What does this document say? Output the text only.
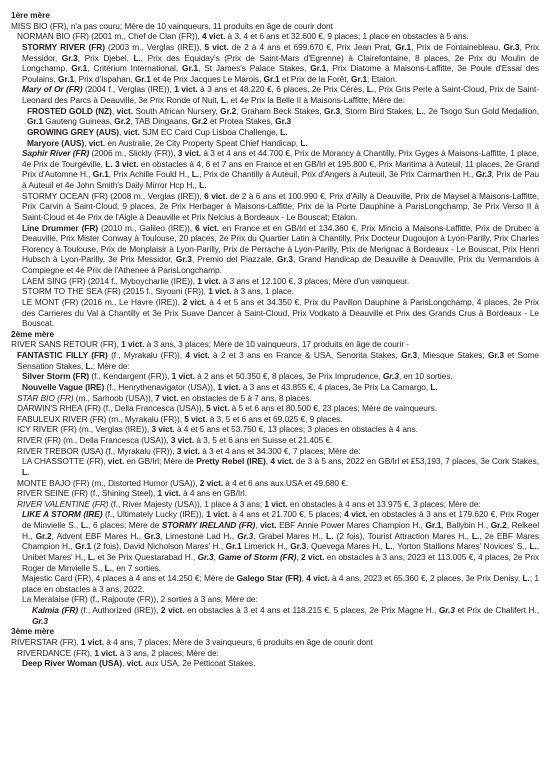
1ère mère
MISS BIO (FR), n'a pas couru; Mère de 10 vainqueurs, 11 produits en âge de courir dont
NORMAN BIO (FR) (2001 m., Chef de Clan (FR)), 4 vict. à 3, 4 et 6 ans et 32.600 €, 9 places; 1 place en obstacles à 5 ans.
STORMY RIVER (FR) (2003 m., Verglas (IRE)), 5 vict. de 2 à 4 ans et 699.670 €, Prix Jean Prat, Gr.1, Prix de Fontainebleau, Gr.3, Prix Messidor, Gr.3, Prix Djebel, L., Prix des Equiday's (Prix de Saint-Mars d'Egrenne) à Clairefontaine, 8 places, 2e Prix du Moulin de Longchamp, Gr.1, Critérium International, Gr.1, St James's Palace Stakes, Gr.1, Prix Diatome à Maisons-Laffitte, 3e Poule d'Essai des Poulains, Gr.1, Prix d'Ispahan, Gr.1 et 4e Prix Jacques Le Marois, Gr.1 et Prix de la Forêt, Gr.1; Etalon.
Mary of Or (FR) (2004 f., Verglas (IRE)), 1 vict. à 3 ans et 48.220 €, 6 places, 2e Prix Cérès, L., Prix Gris Perle à Saint-Cloud, Prix de Saint-Leonard des Parcs à Deauville, 3e Prix Ronde of Nuit, L. et 4e Prix la Belle II à Maisons-Laffitte; Mère de:
FROSTED GOLD (NZ), vict. South African Nursery, Gr.2, Graham Beck Stakes, Gr.3, Storm Bird Stakes, L., 2e Tsogo Sun Gold Medallion, Gr.1 Gauteng Guineas, Gr.2, TAB Dingaans, Gr.2 et Protea Stakes, Gr.3
GROWING GREY (AUS), vict. SJM EC Card Cup Lisboa Challenge, L.
Maryore (AUS), vict. en Australie, 2e City Property Speat Chief Handicap, L.
Saphir River (FR) (2006 m., Slickly (FR)), 3 vict. à 3 et 4 ans et 44.700 €, Prix de Morancy à Chantilly, Prix Gyges à Maisons-Laffitte, 1 place, 4e Prix de Tourgéville, L. 3 vict. en obstacles à 4, 6 et 7 ans en France et en GB/Irl et 195.800 €, Prix Maritima à Auteuil, 11 places, 2e Grand Prix d'Automne H., Gr.1, Prix Achille Fould H., L., Prix de Chantilly à Auteuil, Prix d'Angers à Auteuil, 3e Prix Carmarthen H., Gr.3, Prix de Pau à Auteuil et 4e John Smith's Daily Mirror Hcp H., L.
STORMY OCEAN (FR) (2008 m., Verglas (IRE)), 6 vict. de 2 à 6 ans et 100.990 €, Prix d'Ailly à Deauville, Prix de Maysel à Maisons-Laffitte, Prix Carvin à Saint-Cloud, 9 places, 2e Prix Herbager à Maisons-Laffitte, Prix de la Porte Dauphine à ParisLongchamp, 3e Prix Verso II à Saint-Cloud et 4e Prix de l'Aigle à Deauville et Prix Nelcius à Bordeaux - Le Bouscat; Etalon.
Line Drummer (FR) (2010 m., Galileo (IRE)), 6 vict. en France et en GB/Irl et 134.360 €, Prix Mincio à Maisons-Laffitte, Prix de Drubec à Deauville, Prix Mister Conway à Toulouse, 20 places, 2e Prix du Quartier Latin à Chantilly, Prix Docteur Dugoujon à Lyon-Parilly, Prix Charles Florency à Toulouse, Prix de Monplaisir à Lyon-Parilly, Prix de Perrache à Lyon-Parilly, Prix de Merignac à Bordeaux - Le Bouscat, Prix Henri Hubsch à Lyon-Parilly, 3e Prix Messidor, Gr.3, Premio del Piazzale, Gr.3, Grand Handicap de Deauville à Deauville, Prix du Vermandois à Compiegne et 4e Prix de l'Athenee à ParisLongchamp.
LAEM SING (FR) (2014 f., Myboycharlie (IRE)), 1 vict. à 3 ans et 12.100 €, 3 places; Mère d'un vainqueur.
STORM TO THE SEA (FR) (2015 f., Siyouni (FR)), 1 vict. à 3 ans, 1 place.
LE MONT (FR) (2016 m., Le Havre (IRE)), 2 vict. à 4 et 5 ans et 34.350 €, Prix du Pavillon Dauphine à ParisLongchamp, 4 places, 2e Prix des Carrieres du Val à Chantilly et 3e Prix Suave Dancer à Saint-Cloud, Prix Vodkato à Deauville et Prix des Grands Crus à Bordeaux - Le Bouscat.
2ème mère
RIVER SANS RETOUR (FR), 1 vict. à 3 ans, 3 places; Mère de 10 vainqueurs, 17 produits en âge de courir -
FANTASTIC FILLY (FR) (f., Myrakalu (FR)), 4 vict. à 2 et 3 ans en France & USA, Senorita Stakes, Gr.3, Miesque Stakes, Gr.3 et Some Sensation Stakes, L.; Mère de:
Silver Storm (FR) (f., Kendargent (FR)), 1 vict. à 2 ans et 50.350 €, 8 places, 3e Prix Imprudence, Gr.3, en 10 sorties.
Nouvelle Vague (IRE) (f., Henrythenavigator (USA)), 1 vict. à 3 ans et 43.855 €, 4 places, 3e Prix La Camargo, L.
STAR BIO (FR) (m., Sarhoob (USA)), 7 vict. en obstacles de 5 à 7 ans, 8 places.
DARWIN'S RHEA (FR) (f., Della Francesca (USA)), 5 vict. à 5 et 6 ans et 80.500 €, 23 places; Mère de vainqueurs.
FABULEUX RIVER (FR) (m., Myrakalu (FR)), 5 vict. à 3, 5 et 6 ans et 69.025 €, 9 places.
ICY RIVER (FR) (m., Verglas (IRE)), 3 vict. à 4 et 5 ans et 53.750 €, 13 places; 3 places en obstacles à 4 ans.
RIVER (FR) (m., Della Francesca (USA)), 3 vict. à 3, 5 et 6 ans en Suisse et 21.405 €.
RIVER TREBOR (USA) (f., Myrakalu (FR)), 3 vict. à 3 et 4 ans et 34.300 €, 7 places; Mère de:
LA CHASSOTTE (FR), vict. en GB/Irl; Mère de Pretty Rebel (IRE), 4 vict. de 3 à 5 ans, 2022 en GB/Irl et £53,193, 7 places, 3e Cork Stakes, L.
MONTE BAJO (FR) (m., Distorted Humor (USA)), 2 vict. à 4 et 6 ans aux USA et 49.680 €.
RIVER SEINE (FR) (f., Shining Steel), 1 vict. à 4 ans en GB/Irl.
RIVER VALENTINE (FR) (f., River Majesty (USA)), 1 place à 3 ans; 1 vict. en obstacles à 4 ans et 13.975 €, 3 places; Mère de:
LIKE A STORM (IRE) (f., Ultimately Lucky (IRE)), 1 vict. à 4 ans et 21.700 €, 5 places; 4 vict. en obstacles à 3 ans et 179.620 €, Prix Roger de Minvielle S., L., 6 places; Mère de STORMY IRELAND (FR), vict. EBF Annie Power Mares Champion H., Gr.1, Ballybin H., Gr.2, Relkeel H., Gr.2, Advent EBF Mares H., Gr.3, Limestone Lad H., Gr.3, Grabel Mares H., L. (2 fois), Tourist Attraction Mares H., L., 2e EBF Mares Champion H., Gr.1 (2 fois), David Nicholson Mares' H., Gr.1 Limerick H., Gr.3, Quevega Mares H., L., Yorton Stallions Mares' Novices' S., L., Unibet Mares' H., L. et 3e Prix Questarabad H., Gr.3, Game of Storm (FR), 2 vict. en obstacles à 3 ans, 2023 et 113.005 €, 4 places, 2e Prix Roger de Minvielle S., L., en 7 sorties.
Majestic Card (FR), 4 places à 4 ans et 14.250 €; Mère de Galego Star (FR), 4 vict. à 4 ans, 2023 et 65.360 €, 2 places, 3e Prix Denisy, L.; 1 place en obstacles à 3 ans, 2022.
La Meralaise (FR) (f., Rajpoute (FR)), 2 sorties à 3 ans; Mère de:
Kalmia (FR) (f., Authorized (IRE)), 2 vict. en obstacles à 3 et 4 ans et 118.215 €, 5 places, 2e Prix Magne H., Gr.3 et Prix de Chalifert H., Gr.3
3ème mère
RIVERSTAR (FR), 1 vict. à 4 ans, 7 places; Mère de 3 vainqueurs, 6 produits en âge de courir dont
RIVERDANCE (FR), 1 vict. à 3 ans, 2 places; Mère de:
Deep River Woman (USA), vict. aux USA, 2e Petticoat Stakes.
